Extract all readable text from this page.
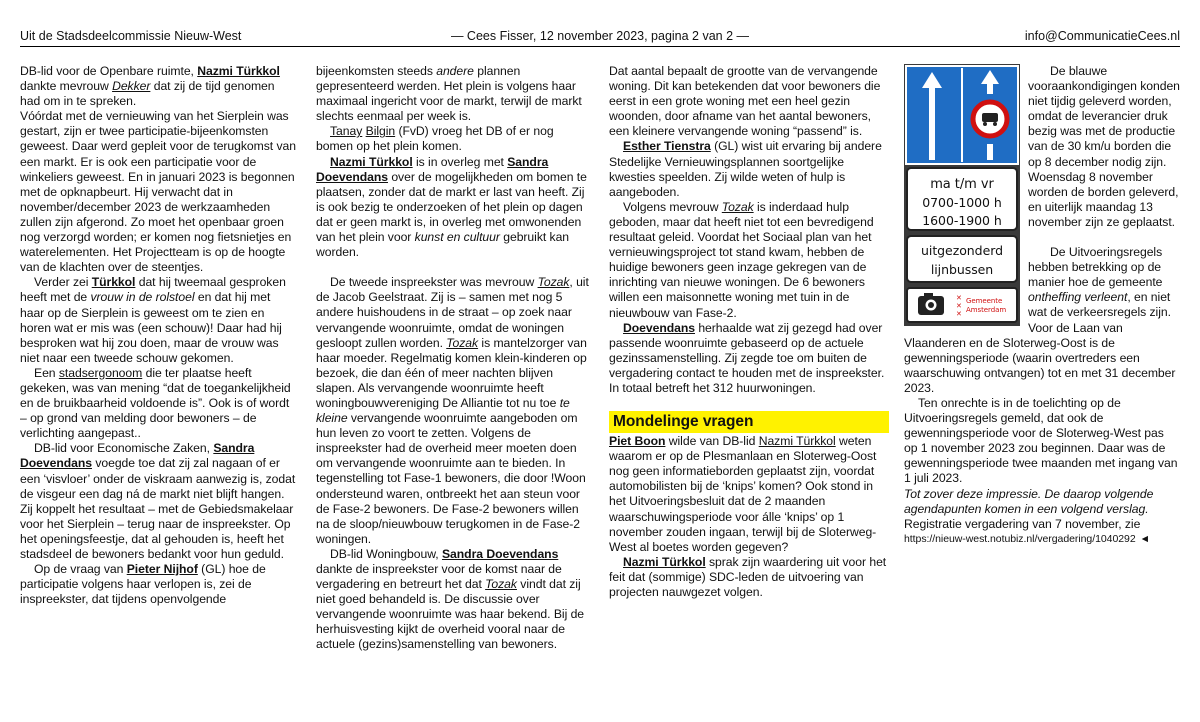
Uit de Stadsdeelcommissie Nieuw-West	— Cees Fisser, 12 november 2023, pagina 2 van 2 —	info@CommunicatieCees.nl

DB-lid voor de Openbare ruimte, Nazmi Türkkol dankte mevrouw Dekker dat zij de tijd genomen had om in te spreken.

Vóórdat met de vernieuwing van het Sierplein was gestart, zijn er twee participatie-bijeenkomsten geweest. Daar werd gepleit voor de terugkomst van een markt. Er is ook een participatie voor de winkeliers geweest. En in januari 2023 is begonnen met de opknapbeurt. Hij verwacht dat in november/december 2023 de werkzaamheden zullen zijn afgerond. Zo moet het openbaar groen nog verzorgd worden; er komen nog fietsnietjes en waterelementen. Het Projectteam is op de hoogte van de klachten over de steentjes.

Verder zei Türkkol dat hij tweemaal gesproken heeft met de vrouw in de rolstoel en dat hij met haar op de Sierplein is geweest om te zien en horen wat er mis was (een schouw)! Daar had hij besproken wat hij zou doen, maar de vrouw was niet naar een tweede schouw gekomen.

Een stadsergonoom die ter plaatse heeft gekeken, was van mening “dat de toegankelijkheid en de bruikbaarheid voldoende is”. Ook is of wordt – op grond van melding door bewoners – de verlichting aangepast..

DB-lid voor Economische Zaken, Sandra Doevendans voegde toe dat zij zal nagaan of er een ‘visvloer’ onder de viskraam aanwezig is, zodat de visgeur een dag ná de markt niet blijft hangen. Zij koppelt het resultaat – met de Gebiedsmakelaar voor het Sierplein – terug naar de inspreekster. Op het openingsfeestje, dat al gehouden is, heeft het stadsdeel de bewoners bedankt voor hun geduld.

Op de vraag van Pieter Nijhof (GL) hoe de participatie volgens haar verlopen is, zei de inspreekster, dat tijdens openvolgende

bijeenkomsten steeds andere plannen gepresenteerd werden. Het plein is volgens haar maximaal ingericht voor de markt, terwijl de markt slechts eenmaal per week is.

Tanay Bilgin (FvD) vroeg het DB of er nog bomen op het plein komen.

Nazmi Türkkol is in overleg met Sandra Doevendans over de mogelijkheden om bomen te plaatsen, zonder dat de markt er last van heeft. Zij is ook bezig te onderzoeken of het plein op dagen dat er geen markt is, in overleg met omwonenden van het plein voor kunst en cultuur gebruikt kan worden.

De tweede inspreekster was mevrouw Tozak, uit de Jacob Geelstraat. Zij is – samen met nog 5 andere huishoudens in de straat – op zoek naar vervangende woonruimte, omdat de woningen gesloopt zullen worden. Tozak is mantelzorger van haar moeder. Regelmatig komen klein-kinderen op bezoek, die dan één of meer nachten blijven slapen. Als vervangende woonruimte heeft woningbouwvereniging De Alliantie tot nu toe te kleine vervangende woonruimte aangeboden om hun leven zo voort te zetten. Volgens de inspreekster had de overheid meer moeten doen om vervangende woonruimte aan te bieden. In tegenstelling tot Fase-1 bewoners, die door !Woon ondersteund waren, ontbreekt het aan steun voor de Fase-2 bewoners. De Fase-2 bewoners willen na de sloop/nieuwbouw terugkomen in de Fase-2 woningen.

DB-lid Woningbouw, Sandra Doevendans dankte de inspreekster voor de komst naar de vergadering en betreurt het dat Tozak vindt dat zij niet goed behandeld is. De discussie over vervangende woonruimte was haar bekend. Bij de herhuisvesting kijkt de overheid vooral naar de actuele (gezins)samenstelling van bewoners.

Dat aantal bepaalt de grootte van de vervangende woning. Dit kan betekenden dat voor bewoners die eerst in een grote woning met een heel gezin woonden, door afname van het aantal bewoners, een kleinere vervangende woning “passend” is.

Esther Tienstra (GL) wist uit ervaring bij andere Stedelijke Vernieuwingsplannen soortgelijke kwesties speelden. Zij wilde weten of hulp is aangeboden.

Volgens mevrouw Tozak is inderdaad hulp geboden, maar dat heeft niet tot een bevredigend resultaat geleid. Voordat het Sociaal plan van het vernieuwingsproject tot stand kwam, hebben de huidige bewoners geen inzage gekregen van de inrichting van nieuwe woningen. De 6 bewoners willen een maisonnette woning met tuin in de nieuwbouw van Fase-2.

Doevendans herhaalde wat zij gezegd had over passende woonruimte gebaseerd op de actuele gezinssamenstelling. Zij zegde toe om buiten de vergadering contact te houden met de inspreekster. In totaal betreft het 312 huurwoningen.

Mondelinge vragen

Piet Boon wilde van DB-lid Nazmi Türkkol weten waarom er op de Plesmanlaan en Sloterweg-Oost nog geen informatieborden geplaatst zijn, voordat automobilisten bij de ‘knips’ komen? Ook stond in het Uitvoeringsbesluit dat de 2 maanden waarschuwingsperiode voor álle ‘knips’ op 1 november zouden ingaan, terwijl bij de Sloterweg-West al boetes worden gegeven?

Nazmi Türkkol sprak zijn waardering uit voor het feit dat (sommige) SDC-leden de uitvoering van projecten nauwgezet volgen.

ma t/m vr
0700-1000 h
1600-1900 h
uitgezonderd
lijnbussen
✕
✕
✕
Gemeente
Amsterdam

De blauwe vooraankondigingen konden niet tijdig geleverd worden, omdat de leverancier druk bezig was met de productie van de 30 km/u borden die op 8 december nodig zijn. Woensdag 8 november worden de borden geleverd, en uiterlijk maandag 13 november zijn ze geplaatst.

De Uitvoeringsregels hebben betrekking op de manier hoe de gemeente ontheffing verleent, en niet wat de verkeersregels zijn. Voor de Laan van Vlaanderen en de Sloterweg-Oost is de gewenningsperiode (waarin overtreders een waarschuwing ontvangen) tot en met 31 december 2023.

Ten onrechte is in de toelichting op de Uitvoeringsregels gemeld, dat ook de gewenningsperiode voor de Sloterweg-West pas op 1 november 2023 zou beginnen. Daar was de gewenningsperiode twee maanden met ingang van 1 juli 2023.

Tot zover deze impressie. De daarop volgende agendapunten komen in een volgend verslag.

Registratie vergadering van 7 november, zie

https://nieuw-west.notubiz.nl/vergadering/1040292 ◄
